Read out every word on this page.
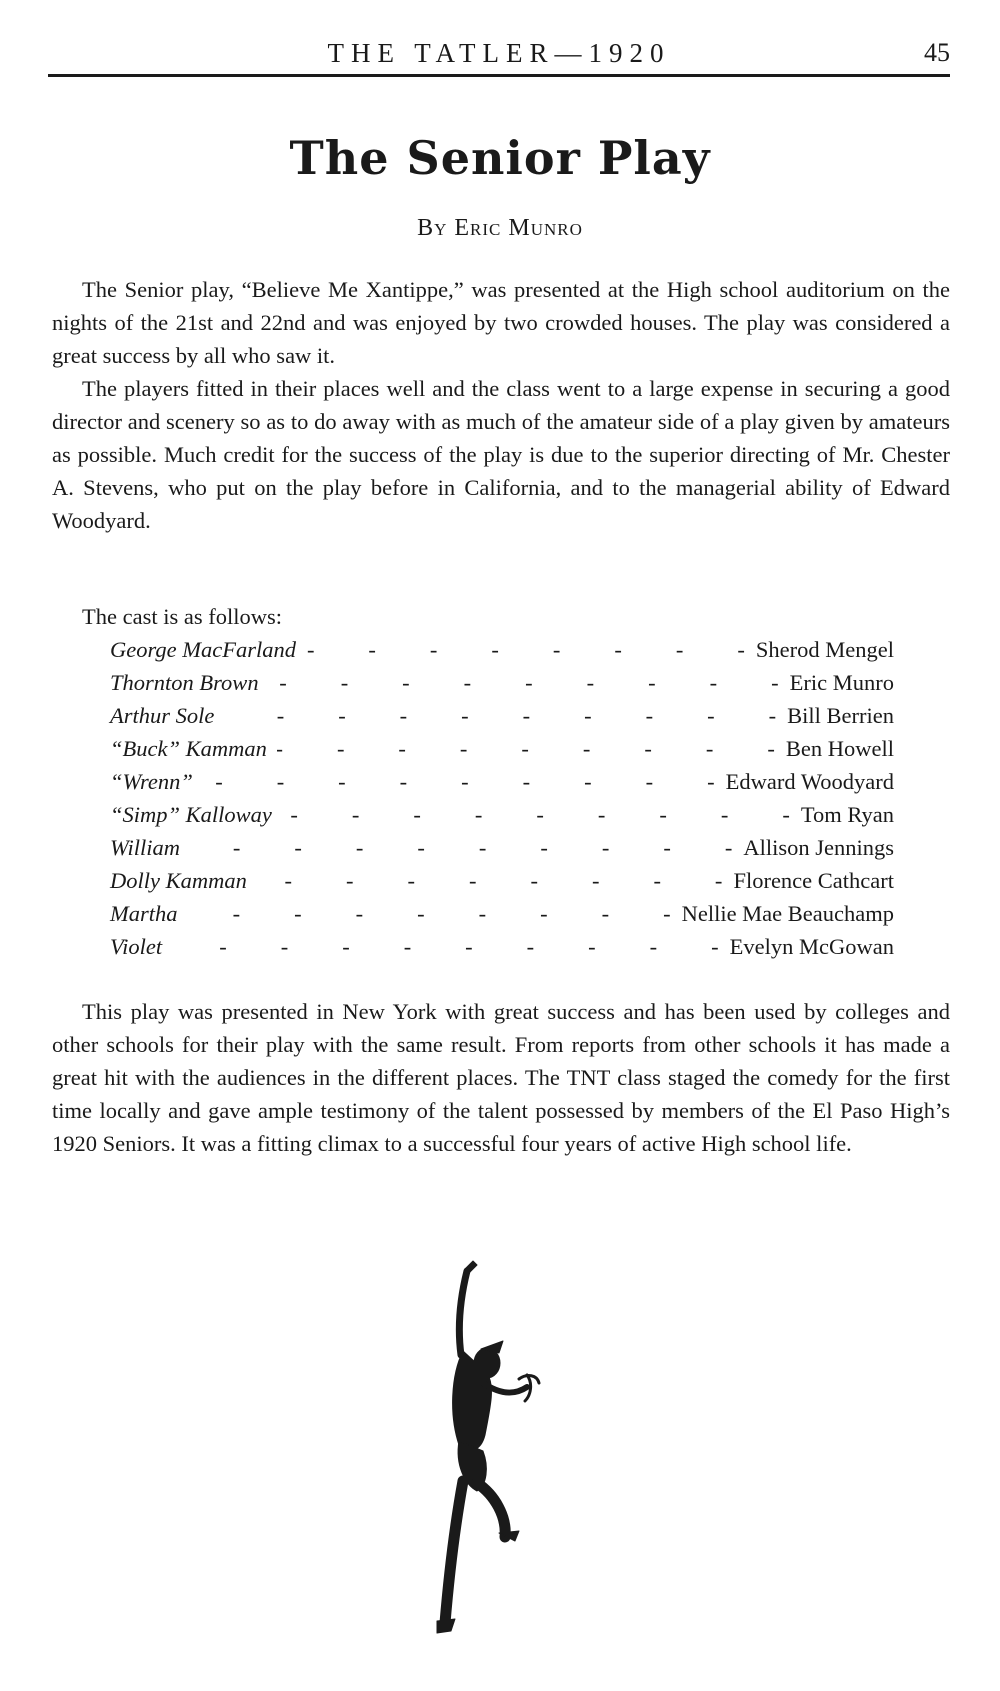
THE TATLER—1920	45
The Senior Play
By Eric Munro

The Senior play, “Believe Me Xantippe,” was presented at the High school auditorium on the nights of the 21st and 22nd and was enjoyed by two crowded houses. The play was considered a great success by all who saw it.

The players fitted in their places well and the class went to a large expense in securing a good director and scenery so as to do away with as much of the amateur side of a play given by amateurs as possible. Much credit for the success of the play is due to the superior directing of Mr. Chester A. Stevens, who put on the play before in California, and to the managerial ability of Edward Woodyard.

The cast is as follows:
George MacFarland -	Sherod Mengel
Thornton Brown -	Eric Munro
Arthur Sole -	Bill Berrien
“Buck” Kamman -	Ben Howell
“Wrenn” -	Edward Woodyard
“Simp” Kalloway -	Tom Ryan
William -	Allison Jennings
Dolly Kamman -	Florence Cathcart
Martha -	Nellie Mae Beauchamp
Violet -	Evelyn McGowan

This play was presented in New York with great success and has been used by colleges and other schools for their play with the same result. From reports from other schools it has made a great hit with the audiences in the different places. The TNT class staged the comedy for the first time locally and gave ample testimony of the talent possessed by members of the El Paso High’s 1920 Seniors. It was a fitting climax to a successful four years of active High school life.
